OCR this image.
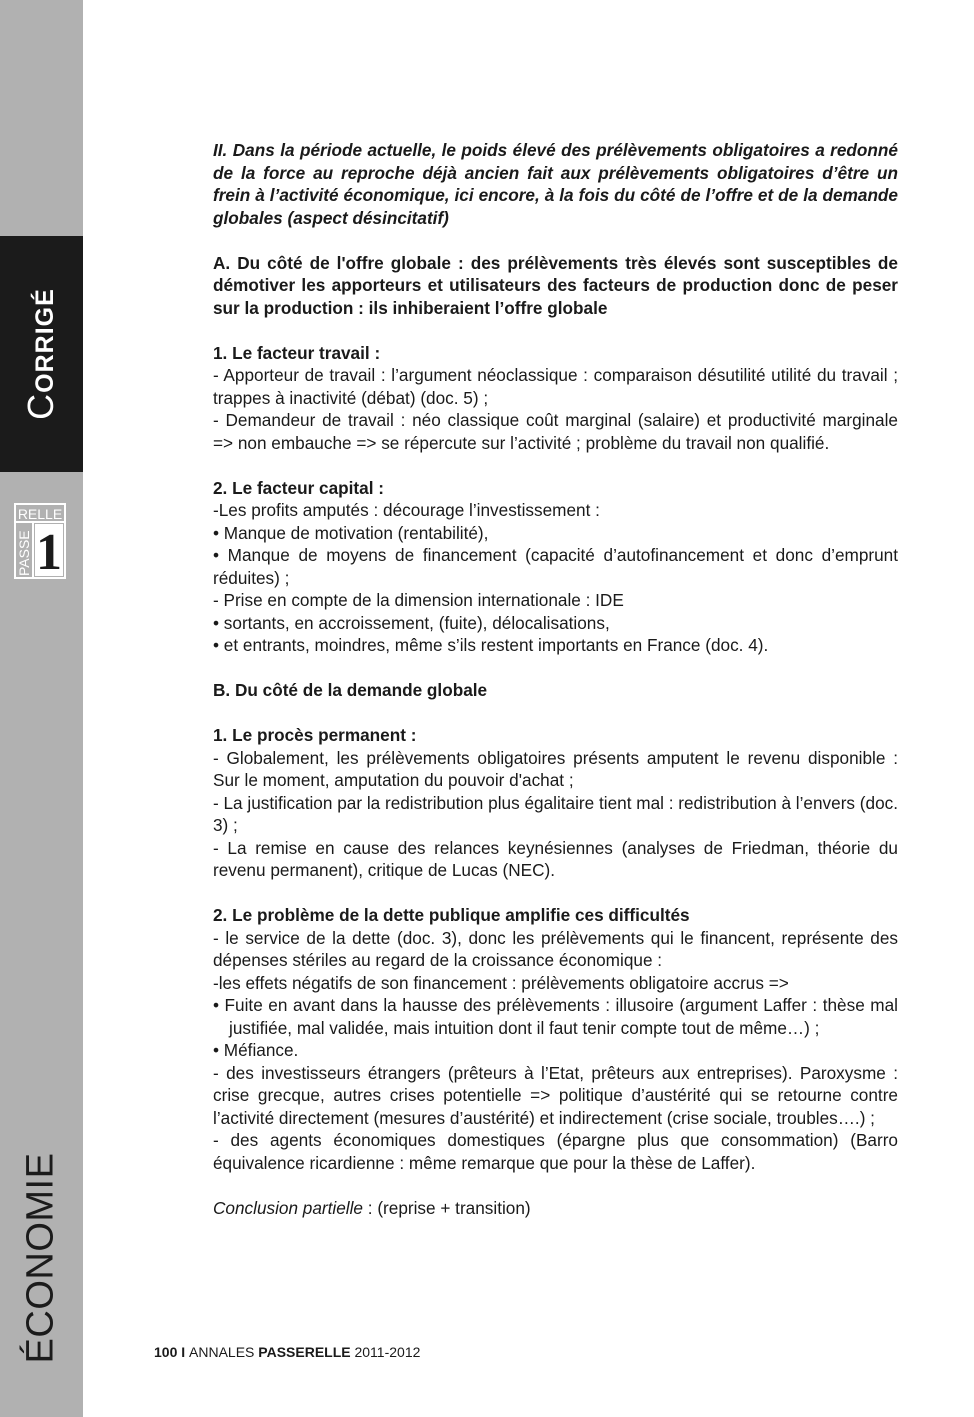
CORRIGÉ
RELLE
PASSE 1
ÉCONOMIE

II. Dans la période actuelle, le poids élevé des prélèvements obligatoires a redonné de la force au reproche déjà ancien fait aux prélèvements obligatoires d’être un frein à l’activité économique, ici encore, à la fois du côté de l’offre et de la demande globales (aspect désincitatif)

A. Du côté de l'offre globale : des prélèvements très élevés sont susceptibles de démotiver les apporteurs et utilisateurs des facteurs de production donc de peser sur la production : ils inhiberaient l’offre globale

1. Le facteur travail :

- Apporteur de travail : l’argument néoclassique : comparaison désutilité utilité du travail ; trappes à inactivité (débat) (doc. 5) ;

- Demandeur de travail : néo classique coût marginal (salaire) et productivité marginale => non embauche => se répercute sur l’activité ; problème du travail non qualifié.

2. Le facteur capital :

-Les profits amputés : décourage l’investissement :

• Manque de motivation (rentabilité),

• Manque de moyens de financement (capacité d’autofinancement et donc d’emprunt réduites) ;

- Prise en compte de la dimension internationale : IDE

• sortants, en accroissement, (fuite), délocalisations,

• et entrants, moindres, même s’ils restent importants en France (doc. 4).

B. Du côté de la demande globale

1. Le procès permanent :

- Globalement, les prélèvements obligatoires présents amputent le revenu disponible : Sur le moment, amputation du pouvoir d'achat ;

- La justification par la redistribution plus égalitaire tient mal : redistribution à l’envers (doc. 3) ;

- La remise en cause des relances keynésiennes (analyses de Friedman, théorie du revenu permanent), critique de Lucas (NEC).

2. Le problème de la dette publique amplifie ces difficultés

- le service de la dette (doc. 3), donc les prélèvements qui le financent, représente des dépenses stériles au regard de la croissance économique :

-les effets négatifs de son financement : prélèvements obligatoire accrus =>

• Fuite en avant dans la hausse des prélèvements : illusoire (argument Laffer : thèse mal justifiée, mal validée, mais intuition dont il faut tenir compte tout de même…) ;

• Méfiance.

- des investisseurs étrangers (prêteurs à l’Etat, prêteurs aux entreprises). Paroxysme : crise grecque, autres crises potentielle => politique d’austérité qui se retourne contre l’activité directement (mesures d’austérité) et indirectement (crise sociale, troubles….) ;

- des agents économiques domestiques (épargne plus que consommation) (Barro équivalence ricardienne : même remarque que pour la thèse de Laffer).

Conclusion partielle : (reprise + transition)

100 I ANNALES PASSERELLE 2011-2012
